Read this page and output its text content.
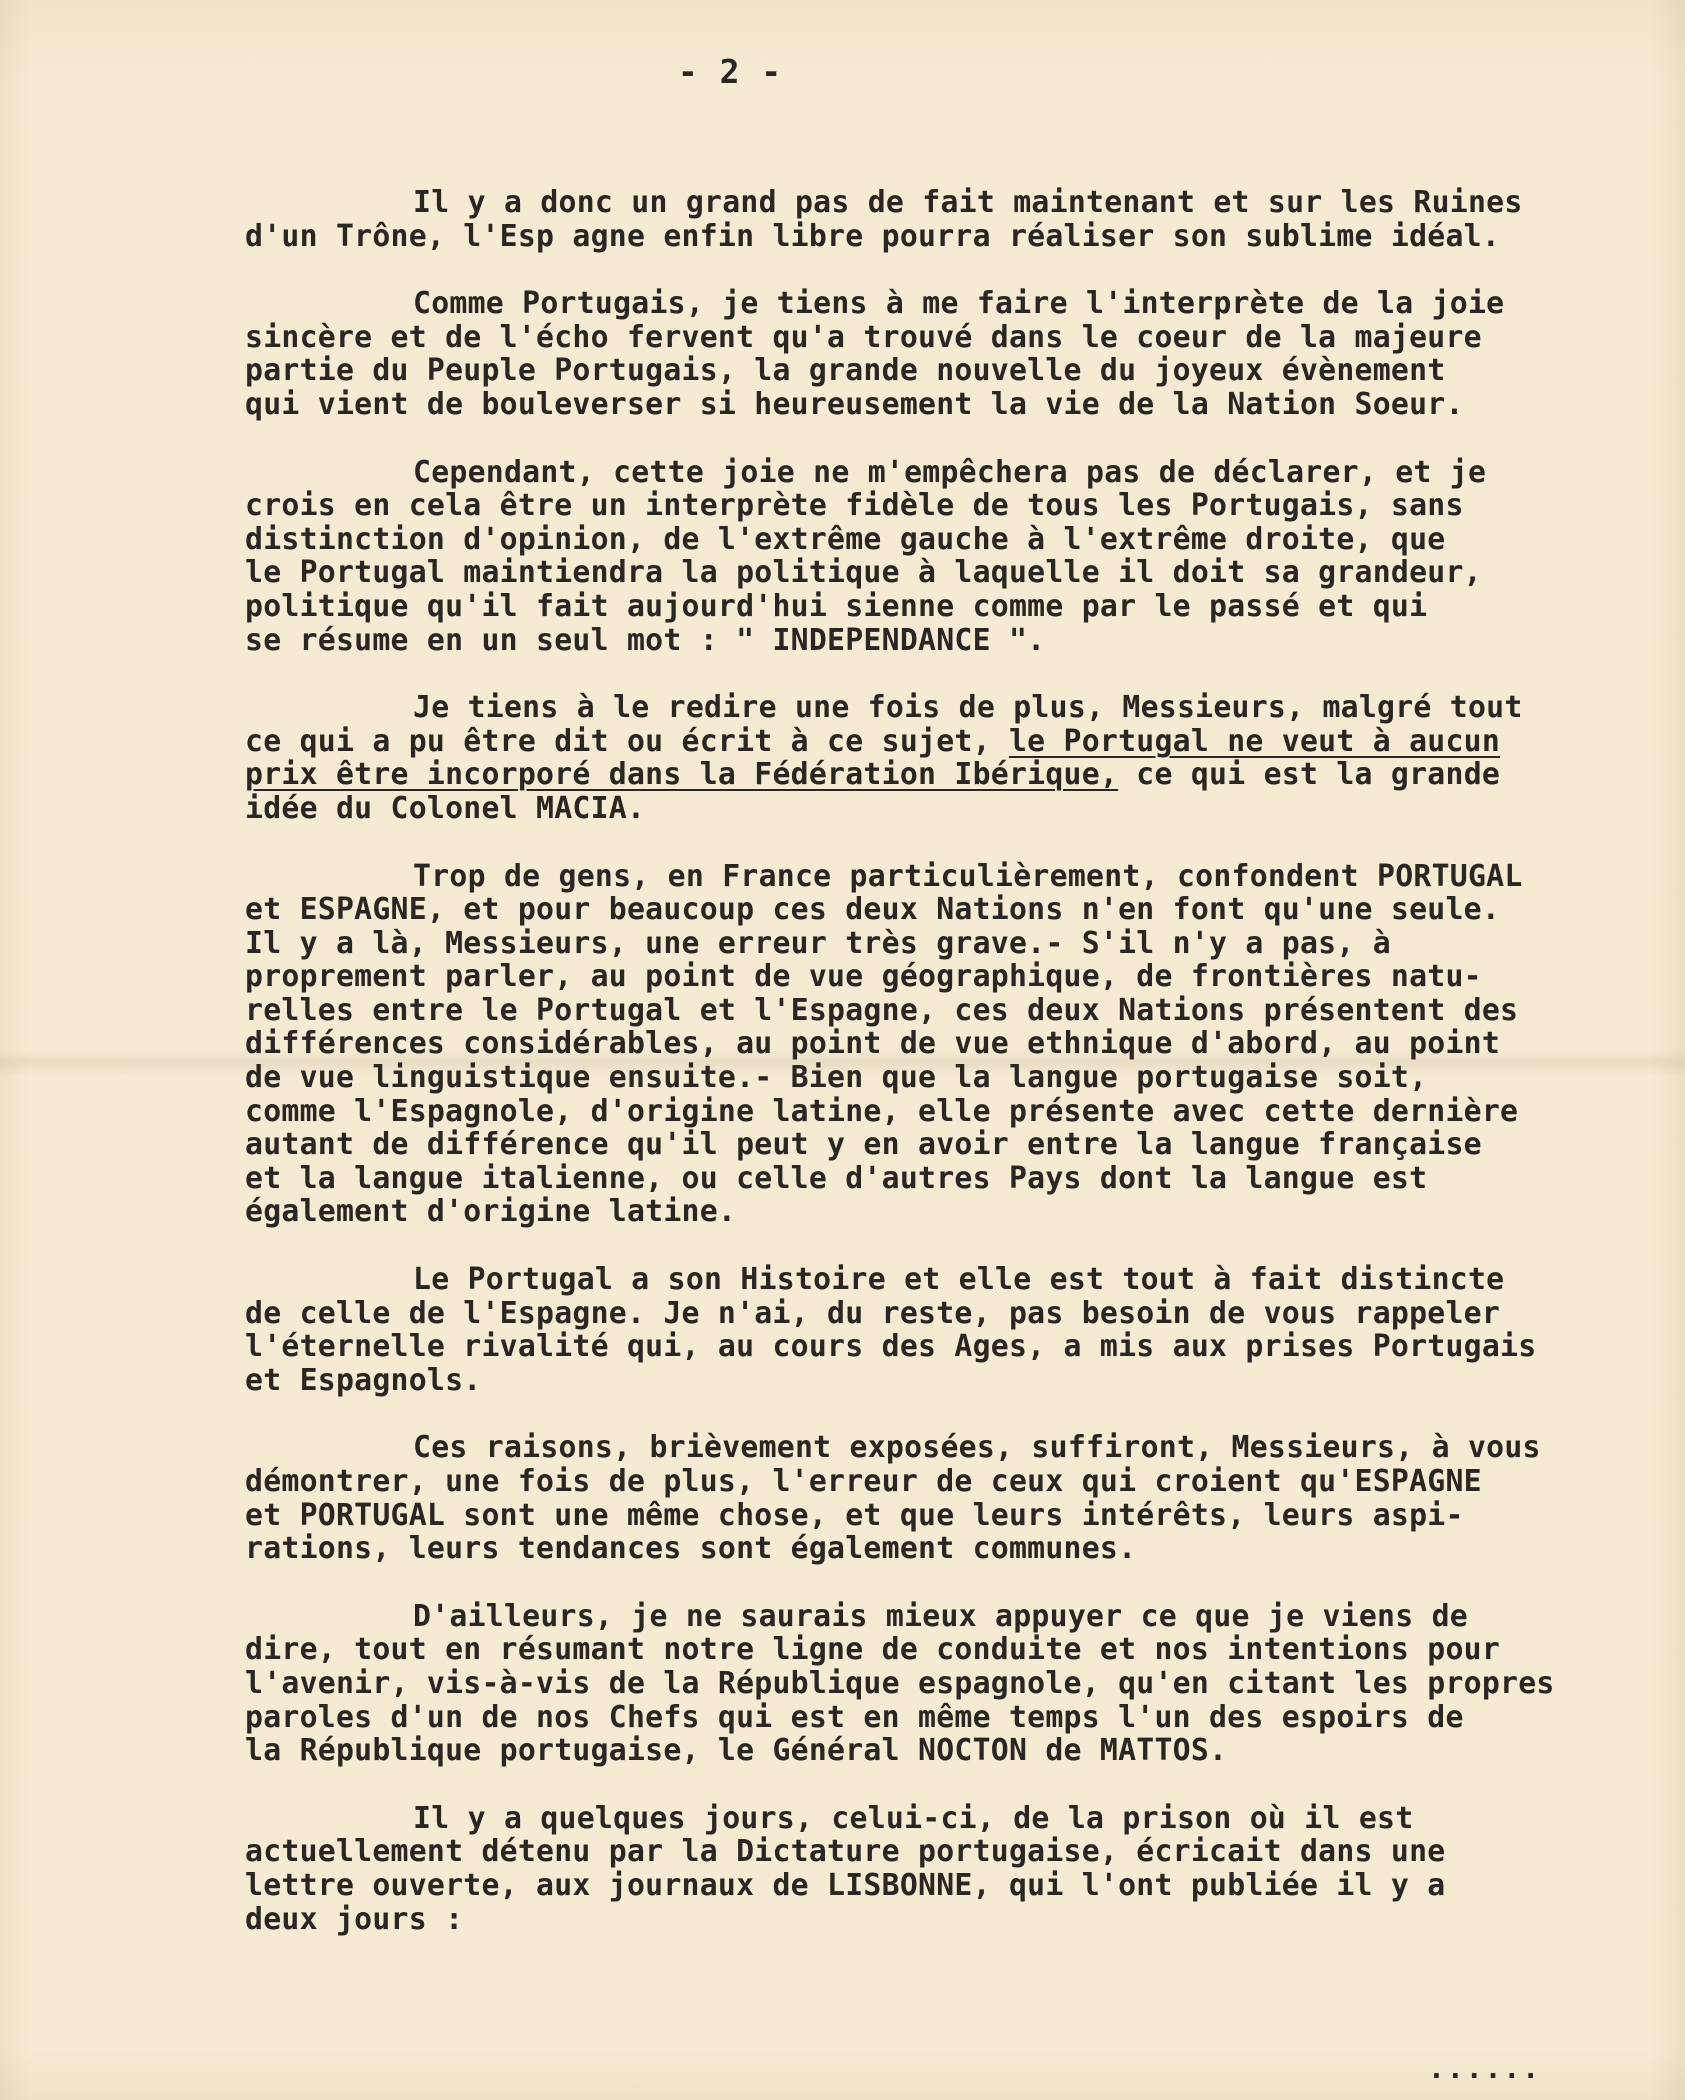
- 2 -
Il y a donc un grand pas de fait maintenant et sur les Ruines
d'un Trône, l'Esp agne enfin libre pourra réaliser son sublime idéal.
Comme Portugais, je tiens à me faire l'interprète de la joie
sincère et de l'écho fervent qu'a trouvé dans le coeur de la majeure
partie du Peuple Portugais, la grande nouvelle du joyeux évènement
qui vient de bouleverser si heureusement la vie de la Nation Soeur.
Cependant, cette joie ne m'empêchera pas de déclarer, et je
crois en cela être un interprète fidèle de tous les Portugais, sans
distinction d'opinion, de l'extrême gauche à l'extrême droite, que
le Portugal maintiendra la politique à laquelle il doit sa grandeur,
politique qu'il fait aujourd'hui sienne comme par le passé et qui
se résume en un seul mot : " INDEPENDANCE ".
Je tiens à le redire une fois de plus, Messieurs, malgré tout
ce qui a pu être dit ou écrit à ce sujet, le Portugal ne veut à aucun
prix être incorporé dans la Fédération Ibérique, ce qui est la grande
idée du Colonel MACIA.
Trop de gens, en France particulièrement, confondent PORTUGAL
et ESPAGNE, et pour beaucoup ces deux Nations n'en font qu'une seule.
Il y a là, Messieurs, une erreur très grave.- S'il n'y a pas, à
proprement parler, au point de vue géographique, de frontières natu-
relles entre le Portugal et l'Espagne, ces deux Nations présentent des
différences considérables, au point de vue ethnique d'abord, au point
de vue linguistique ensuite.- Bien que la langue portugaise soit,
comme l'Espagnole, d'origine latine, elle présente avec cette dernière
autant de différence qu'il peut y en avoir entre la langue française
et la langue italienne, ou celle d'autres Pays dont la langue est
également d'origine latine.
Le Portugal a son Histoire et elle est tout à fait distincte
de celle de l'Espagne. Je n'ai, du reste, pas besoin de vous rappeler
l'éternelle rivalité qui, au cours des Ages, a mis aux prises Portugais
et Espagnols.
Ces raisons, brièvement exposées, suffiront, Messieurs, à vous
démontrer, une fois de plus, l'erreur de ceux qui croient qu'ESPAGNE
et PORTUGAL sont une même chose, et que leurs intérêts, leurs aspi-
rations, leurs tendances sont également communes.
D'ailleurs, je ne saurais mieux appuyer ce que je viens de
dire, tout en résumant notre ligne de conduite et nos intentions pour
l'avenir, vis-à-vis de la République espagnole, qu'en citant les propres
paroles d'un de nos Chefs qui est en même temps l'un des espoirs de
la République portugaise, le Général NOCTON de MATTOS.
Il y a quelques jours, celui-ci, de la prison où il est
actuellement détenu par la Dictature portugaise, écricait dans une
lettre ouverte, aux journaux de LISBONNE, qui l'ont publiée il y a
deux jours :
......
